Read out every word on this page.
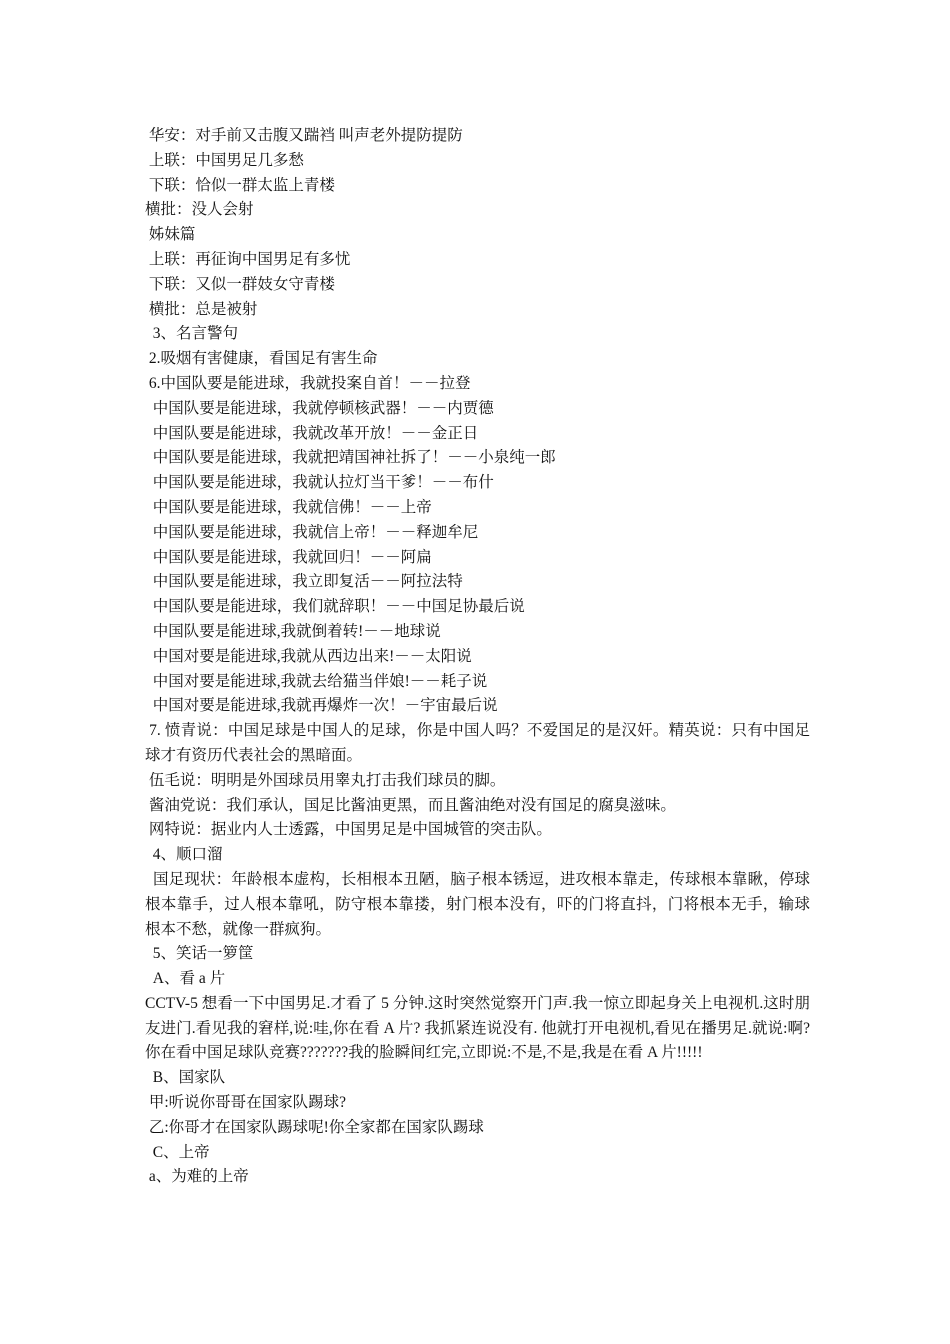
华安：对手前又击腹又踹裆 叫声老外提防提防

上联：中国男足几多愁

下联：恰似一群太监上青楼

横批：没人会射

姊妹篇

上联：再征询中国男足有多忧

下联：又似一群妓女守青楼

横批：总是被射

3、名言警句

2.吸烟有害健康，看国足有害生命

6.中国队要是能进球，我就投案自首！－－拉登

中国队要是能进球，我就停顿核武器！－－内贾德

中国队要是能进球，我就改革开放！－－金正日

中国队要是能进球，我就把靖国神社拆了！－－小泉纯一郎

中国队要是能进球，我就认拉灯当干爹！－－布什

中国队要是能进球，我就信佛！－－上帝

中国队要是能进球，我就信上帝！－－释迦牟尼

中国队要是能进球，我就回归！－－阿扁

中国队要是能进球，我立即复活－－阿拉法特

中国队要是能进球，我们就辞职！－－中国足协最后说

中国队要是能进球,我就倒着转!－－地球说

中国对要是能进球,我就从西边出来!－－太阳说

中国对要是能进球,我就去给猫当伴娘!－－耗子说

中国对要是能进球,我就再爆炸一次！－宇宙最后说

7. 愤青说：中国足球是中国人的足球，你是中国人吗？不爱国足的是汉奸。精英说：只有中国足球才有资历代表社会的黑暗面。

伍毛说：明明是外国球员用睾丸打击我们球员的脚。

酱油党说：我们承认，国足比酱油更黑，而且酱油绝对没有国足的腐臭滋味。

网特说：据业内人士透露，中国男足是中国城管的突击队。

4、顺口溜

国足现状：年龄根本虚构，长相根本丑陋，脑子根本锈逗，进攻根本靠走，传球根本靠瞅，停球根本靠手，过人根本靠吼，防守根本靠搂，射门根本没有，吓的门将直抖，门将根本无手，输球根本不愁，就像一群疯狗。

5、笑话一箩筐

A、看 a 片

CCTV-5 想看一下中国男足.才看了 5 分钟.这时突然觉察开门声.我一惊立即起身关上电视机.这时朋友进门.看见我的窘样,说:哇,你在看 A 片? 我抓紧连说没有. 他就打开电视机,看见在播男足.就说:啊?你在看中国足球队竞赛???????我的脸瞬间红完,立即说:不是,不是,我是在看 A 片!!!!!

B、国家队

甲:听说你哥哥在国家队踢球?

乙:你哥才在国家队踢球呢!你全家都在国家队踢球

C、上帝

a、为难的上帝
